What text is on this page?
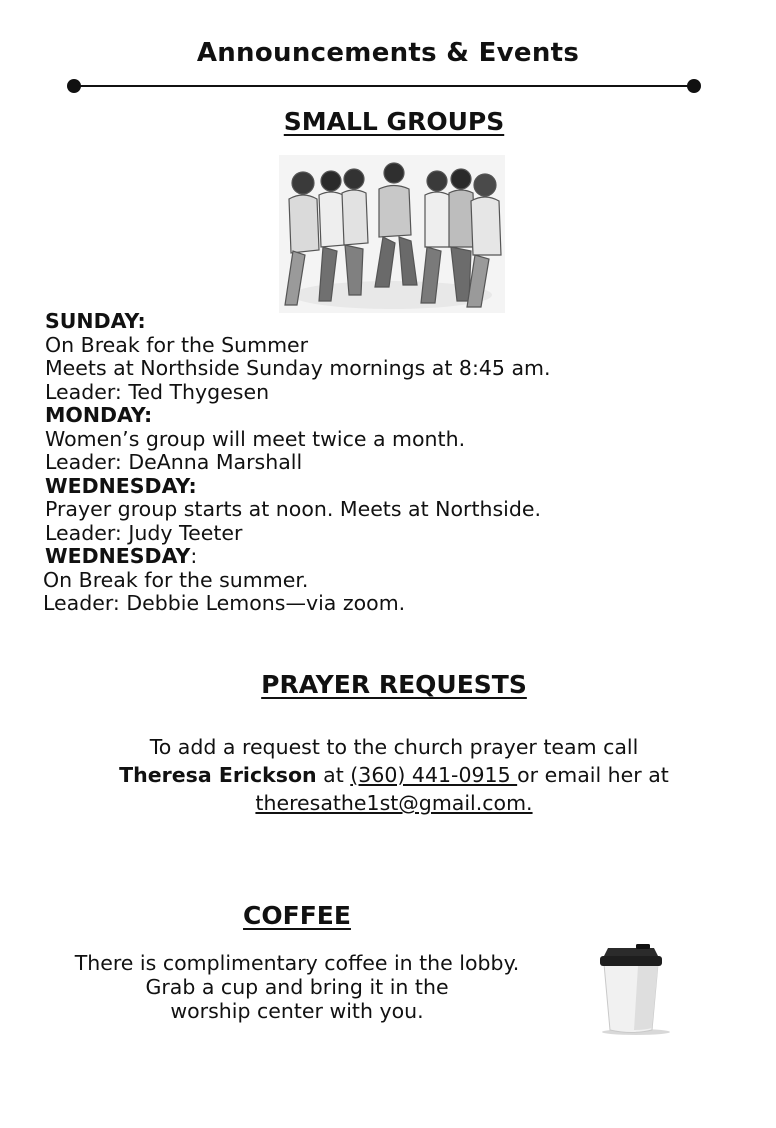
Announcements & Events
SMALL GROUPS
SUNDAY:
On Break for the Summer
Meets at Northside Sunday mornings at 8:45 am.
Leader: Ted Thygesen
MONDAY:
Women’s group will meet twice a month.
Leader: DeAnna Marshall
WEDNESDAY:
Prayer group starts at noon. Meets at Northside.
Leader: Judy Teeter
WEDNESDAY:
On Break for the summer.
Leader: Debbie Lemons—via zoom.
PRAYER REQUESTS
To add a request to the church prayer team call
Theresa Erickson at (360) 441-0915 or email her at
theresathe1st@gmail.com.
COFFEE
There is complimentary coffee in the lobby.
Grab a cup and bring it in the
worship center with you.
